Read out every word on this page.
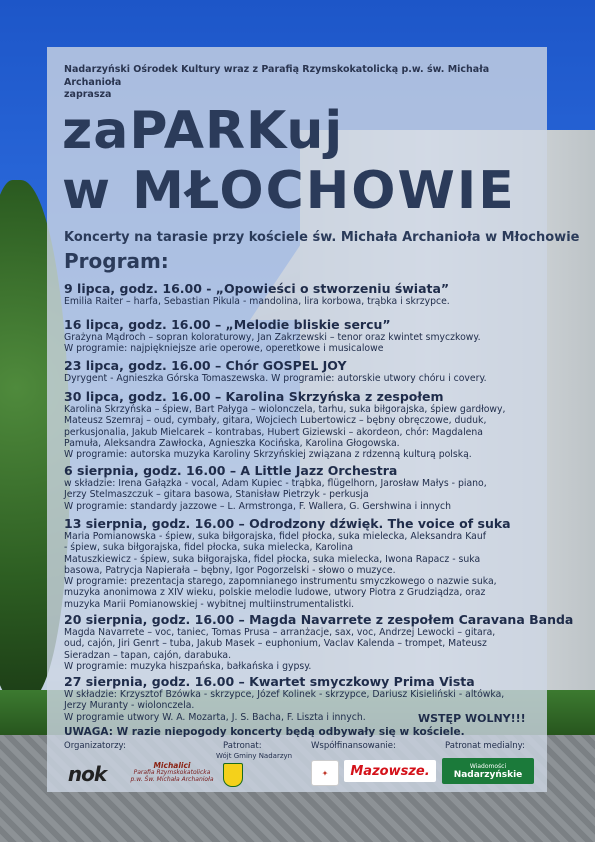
Nadarzyński Ośrodek Kultury wraz z Parafią Rzymskokatolicką p.w. św. Michała Archanioła
zaprasza
zaPARKuj
w MŁOCHOWIE
Koncerty na tarasie przy kościele św. Michała Archanioła w Młochowie
Program:
9 lipca, godz. 16.00 - „Opowieści o stworzeniu świata”
Emilia Raiter – harfa, Sebastian Pikula - mandolina, lira korbowa, trąbka i skrzypce.
16 lipca, godz. 16.00 – „Melodie bliskie sercu”
Grażyna Mądroch – sopran koloraturowy, Jan Zakrzewski – tenor oraz kwintet smyczkowy.
W programie: najpiękniejsze arie operowe, operetkowe i musicalowe
23 lipca, godz. 16.00 – Chór GOSPEL JOY
Dyrygent - Agnieszka Górska Tomaszewska. W programie: autorskie utwory chóru i covery.
30 lipca, godz. 16.00 – Karolina Skrzyńska z zespołem
Karolina Skrzyńska – śpiew, Bart Pałyga – wiolonczela, tarhu, suka biłgorajska, śpiew gardłowy,
Mateusz Szemraj – oud, cymbały, gitara, Wojciech Lubertowicz – bębny obręczowe, duduk,
perkusjonalia, Jakub Mielcarek – kontrabas, Hubert Giziewski – akordeon, chór: Magdalena
Pamuła, Aleksandra Zawłocka, Agnieszka Kocińska, Karolina Głogowska.
W programie: autorska muzyka Karoliny Skrzyńskiej związana z rdzenną kulturą polską.
6 sierpnia, godz. 16.00 – A Little Jazz Orchestra
w składzie: Irena Gałązka - vocal, Adam Kupiec - trąbka, flügelhorn, Jarosław Małys - piano,
Jerzy Stelmaszczuk – gitara basowa, Stanisław Pietrzyk - perkusja
W programie: standardy jazzowe – L. Armstronga, F. Wallera, G. Gershwina i innych
13 sierpnia, godz. 16.00 – Odrodzony dźwięk. The voice of suka
Maria Pomianowska - śpiew, suka biłgorajska, fidel płocka, suka mielecka, Aleksandra Kauf
- śpiew, suka biłgorajska, fidel płocka, suka mielecka, Karolina
Matuszkiewicz - śpiew, suka biłgorajska, fidel płocka, suka mielecka, Iwona Rapacz - suka
basowa, Patrycja Napierała – bębny, Igor Pogorzelski - słowo o muzyce.
W programie: prezentacja starego, zapomnianego instrumentu smyczkowego o nazwie suka,
muzyka anonimowa z XIV wieku, polskie melodie ludowe, utwory Piotra z Grudziądza, oraz
muzyka Marii Pomianowskiej - wybitnej multiinstrumentalistki.
20 sierpnia, godz. 16.00 – Magda Navarrete z zespołem Caravana Banda
Magda Navarrete – voc, taniec, Tomas Prusa – arranżacje, sax, voc, Andrzej Lewocki – gitara,
oud, cajón, Jiri Genrt – tuba, Jakub Masek – euphonium, Vaclav Kalenda – trompet, Mateusz
Sieradzan – tapan, cajón, darabuka.
W programie: muzyka hiszpańska, bałkańska i gypsy.
27 sierpnia, godz. 16.00 – Kwartet smyczkowy Prima Vista
W składzie: Krzysztof Bzówka - skrzypce, Józef Kolinek - skrzypce, Dariusz Kisieliński - altówka,
Jerzy Muranty - wiolonczela.
W programie utwory W. A. Mozarta, J. S. Bacha, F. Liszta i innych.	WSTĘP WOLNY!!!
UWAGA: W razie niepogody koncerty będą odbywały się w kościele.
Organizatorzy:	Patronat:
Wójt Gminy Nadarzyn
Współfinansowanie:	Patronat medialny:
nok	Michalici
Parafia Rzymskokatolicka
p.w. Św. Michała Archanioła
✦	Mazowsze.	Wiadomości
Nadarzyńskie
